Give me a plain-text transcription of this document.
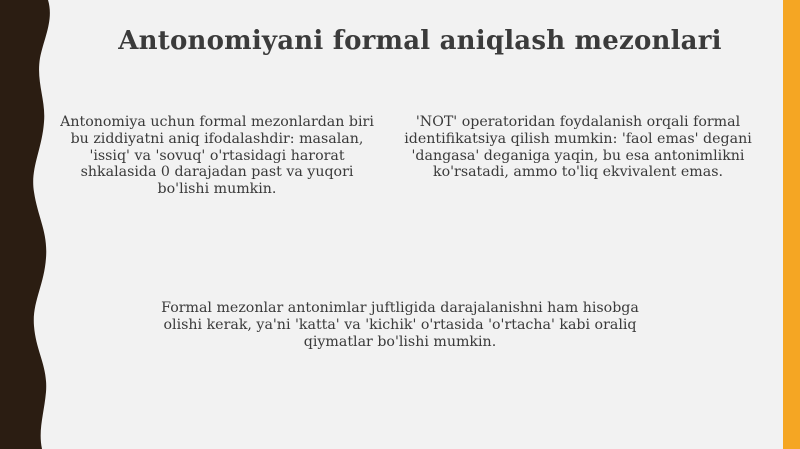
Antonomiyani formal aniqlash mezonlari
Antonomiya uchun formal mezonlardan biri bu ziddiyatni aniq ifodalashdir: masalan, 'issiq' va 'sovuq' o'rtasidagi harorat shkalasida 0 darajadan past va yuqori bo'lishi mumkin.
'NOT' operatoridan foydalanish orqali formal identifikatsiya qilish mumkin: 'faol emas' degani 'dangasa' deganiga yaqin, bu esa antonimlikni ko'rsatadi, ammo to'liq ekvivalent emas.
Formal mezonlar antonimlar juftligida darajalanishni ham hisobga olishi kerak, ya'ni 'katta' va 'kichik' o'rtasida 'o'rtacha' kabi oraliq qiymatlar bo'lishi mumkin.
